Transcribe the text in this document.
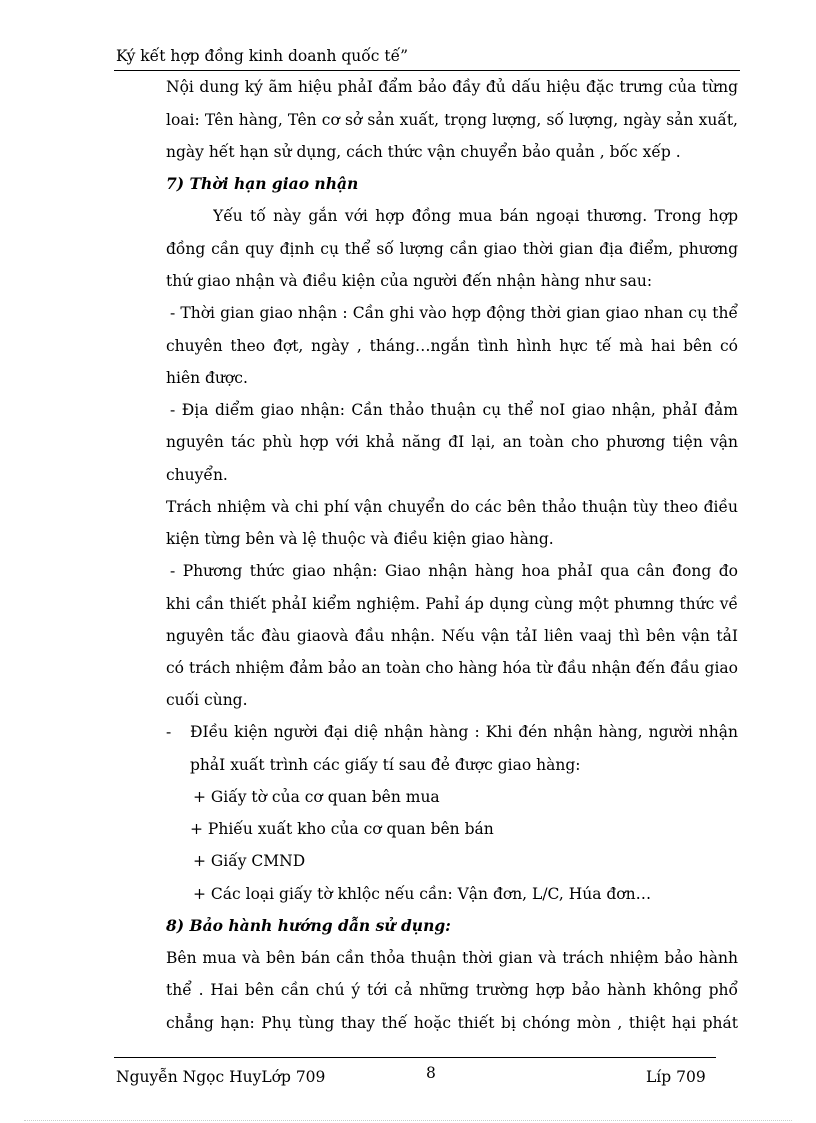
Ký kết hợp đồng kinh doanh quốc tế”
Nội dung ký ãm hiệu phảI đẩm bảo đầy đủ dấu hiệu đặc trưng của từng
loai: Tên hàng, Tên cơ sở sản xuất, trọng lượng, số lượng, ngày sản xuất,
ngày hết hạn sử dụng, cách thức vận chuyển bảo quản , bốc xếp .
7) Thời hạn giao nhận
Yếu tố này gắn với hợp đồng mua bán ngoại thương. Trong hợp
đồng cần quy định cụ thể số lượng cần giao thời gian địa điểm, phương
thứ giao nhận và điều kiện của người đến nhận hàng như sau:
- Thời gian giao nhận : Cần ghi vào hợp động thời gian giao nhan cụ thể
chuyên theo đợt, ngày , tháng…ngắn tình hình hực tế mà hai bên có
hiên được.
- Địa diểm giao nhận: Cần thảo thuận cụ thể noI giao nhận, phảI đảm
nguyên tác phù hợp với khả năng đI lại, an toàn cho phương tiện vận
chuyển.
Trách nhiệm và chi phí vận chuyển do các bên thảo thuận tùy theo điều
kiện từng bên và lệ thuộc và điều kiện giao hàng.
- Phương thức giao nhận: Giao nhận hàng hoa phảI qua cân đong đo
khi cần thiết phảI kiểm nghiệm. Pahỉ áp dụng cùng một phưnng thức về
nguyên tắc đàu giaovà đầu nhận. Nếu vận tảI liên vaaj thì bên vận tảI
có trách nhiệm đảm bảo an toàn cho hàng hóa từ đầu nhận đến đầu giao
cuối cùng.
-	ĐIều kiện người đại diệ nhận hàng : Khi đén nhận hàng, người nhận
phảI xuất trình các giấy tí sau đẻ được giao hàng:
+ Giấy tờ của cơ quan bên mua
+ Phiếu xuất kho của cơ quan bên bán
+ Giấy CMND
+ Các loại giấy tờ khlộc nếu cần: Vận đơn, L/C, Húa đơn…
8) Bảo hành hướng dẫn sử dụng:
Bên mua và bên bán cần thỏa thuận thời gian và trách nhiệm bảo hành
thể . Hai bên cần chú ý tới cả những trường hợp bảo hành không phổ
chẳng hạn: Phụ tùng thay thế hoặc thiết bị chóng mòn , thiệt hại phát
Nguyễn Ngọc HuyLớp 709	8	Líp 709
